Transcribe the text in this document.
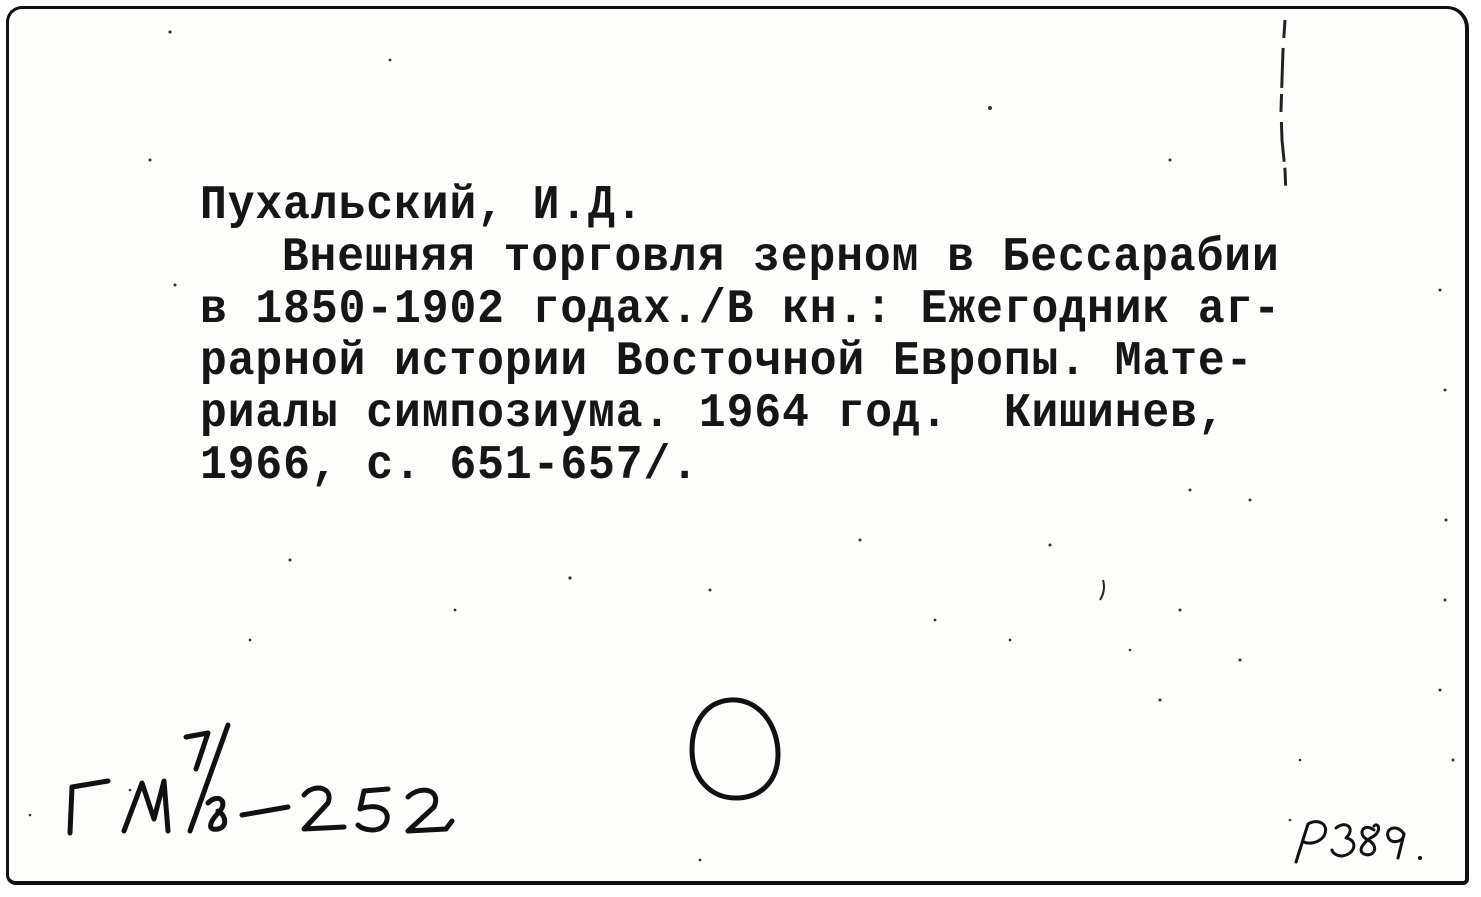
Пухальский, И.Д.
Внешняя торговля зерном в Бессарабии
в 1850-1902 годах./В кн.: Ежегодник аг-
рарной истории Восточной Европы. Мате-
риалы симпозиума. 1964 год.  Кишинев,
1966, с. 651-657/.
